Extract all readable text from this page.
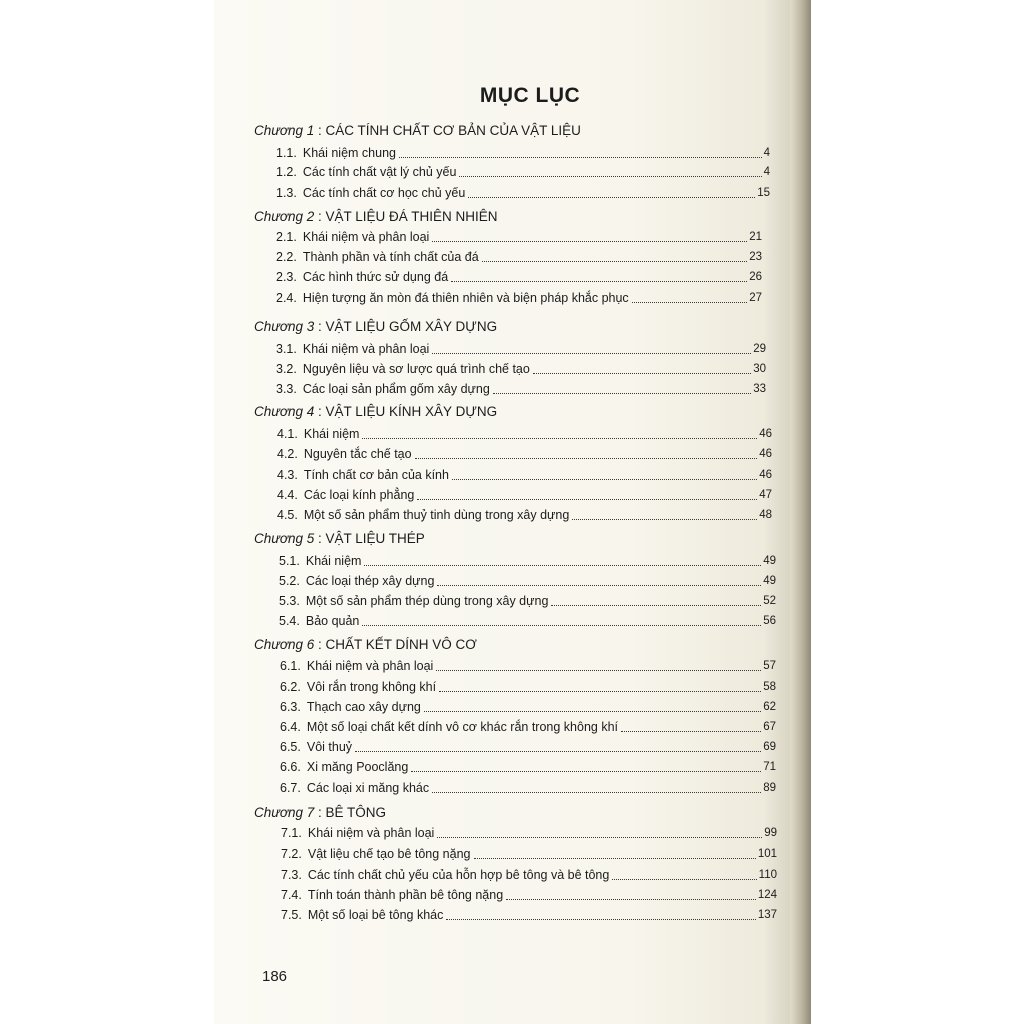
MỤC LỤC
Chương 1 : CÁC TÍNH CHẤT CƠ BẢN CỦA VẬT LIỆU
1.1. Khái niệm chung	4
1.2. Các tính chất vật lý chủ yếu	4
1.3. Các tính chất cơ học chủ yếu	15
Chương 2 : VẬT LIỆU ĐÁ THIÊN NHIÊN
2.1. Khái niệm và phân loại	21
2.2. Thành phần và tính chất của đá	23
2.3. Các hình thức sử dụng đá	26
2.4. Hiện tượng ăn mòn đá thiên nhiên và biện pháp khắc phục	27
Chương 3 : VẬT LIỆU GỐM XÂY DỰNG
3.1. Khái niệm và phân loại	29
3.2. Nguyên liệu và sơ lược quá trình chế tạo	30
3.3. Các loại sản phẩm gốm xây dựng	33
Chương 4 : VẬT LIỆU KÍNH XÂY DỰNG
4.1. Khái niệm	46
4.2. Nguyên tắc chế tạo	46
4.3. Tính chất cơ bản của kính	46
4.4. Các loại kính phẳng	47
4.5. Một số sản phẩm thuỷ tinh dùng trong xây dựng	48
Chương 5 : VẬT LIỆU THÉP
5.1. Khái niệm	49
5.2. Các loại thép xây dựng	49
5.3. Một số sản phẩm thép dùng trong xây dựng	52
5.4. Bảo quản	56
Chương 6 : CHẤT KẾT DÍNH VÔ CƠ
6.1. Khái niệm và phân loại	57
6.2. Vôi rắn trong không khí	58
6.3. Thạch cao xây dựng	62
6.4. Một số loại chất kết dính vô cơ khác rắn trong không khí	67
6.5. Vôi thuỷ	69
6.6. Xi măng Pooclăng	71
6.7. Các loại xi măng khác	89
Chương 7 : BÊ TÔNG
7.1. Khái niệm và phân loại	99
7.2. Vật liệu chế tạo bê tông nặng	101
7.3. Các tính chất chủ yếu của hỗn hợp bê tông và bê tông	110
7.4. Tính toán thành phần bê tông nặng	124
7.5. Một số loại bê tông khác	137
186
